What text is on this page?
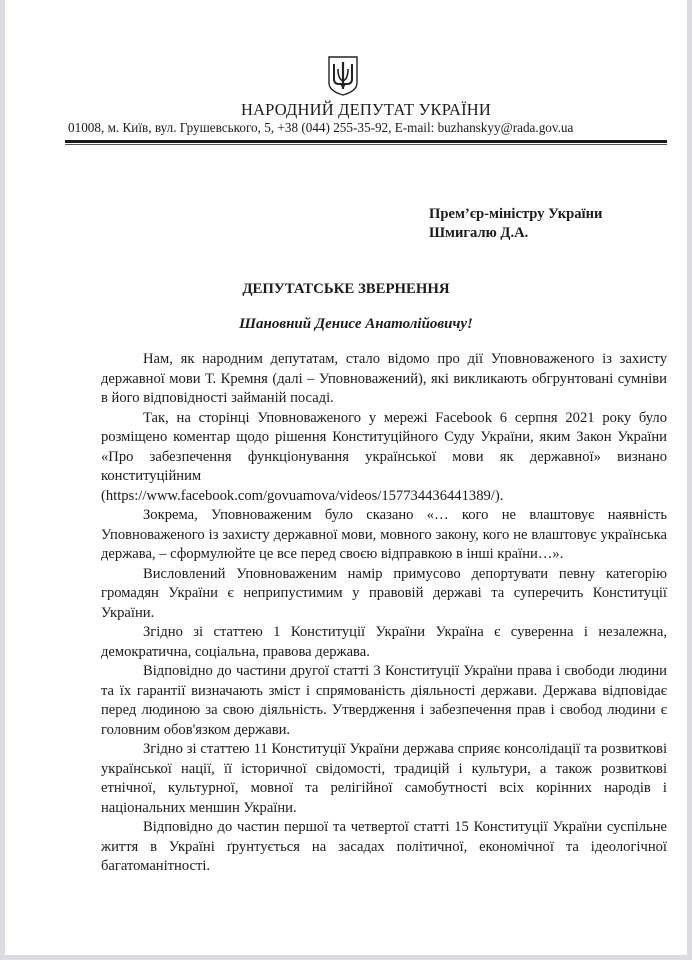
НАРОДНИЙ ДЕПУТАТ УКРАЇНИ
01008, м. Київ, вул. Грушевського, 5, +38 (044) 255-35-92, E-mail: buzhanskyy@rada.gov.ua
Прем’єр-міністру України
Шмигалю Д.А.
ДЕПУТАТСЬКЕ ЗВЕРНЕННЯ
Шановний Денисе Анатолійовичу!

Нам, як народним депутатам, стало відомо про дії Уповноваженого із захисту державної мови Т. Кремня (далі – Уповноважений), які викликають обгрунтовані сумніви в його відповідності займаній посаді.

Так, на сторінці Уповноваженого у мережі Facebook 6 серпня 2021 року було розміщено коментар щодо рішення Конституційного Суду України, яким Закон України «Про забезпечення функціонування української мови як державної» визнано конституційним

(https://www.facebook.com/govuamova/videos/157734436441389/).

Зокрема, Уповноваженим було сказано «… кого не влаштовує наявність Уповноваженого із захисту державної мови, мовного закону, кого не влаштовує українська держава, – сформулюйте це все перед своєю відправкою в інші країни…».

Висловлений Уповноваженим намір примусово депортувати певну категорію громадян України є неприпустимим у правовій державі та суперечить Конституції України.

Згідно зі статтею 1 Конституції України Україна є суверенна і незалежна, демократична, соціальна, правова держава.

Відповідно до частини другої статті 3 Конституції України права і свободи людини та їх гарантії визначають зміст і спрямованість діяльності держави. Держава відповідає перед людиною за свою діяльність. Утвердження і забезпечення прав і свобод людини є головним обов'язком держави.

Згідно зі статтею 11 Конституції України держава сприяє консолідації та розвиткові української нації, її історичної свідомості, традицій і культури, а також розвиткові етнічної, культурної, мовної та релігійної самобутності всіх корінних народів і національних меншин України.

Відповідно до частин першої та четвертої статті 15 Конституції України суспільне життя в Україні ґрунтується на засадах політичної, економічної та ідеологічної багатоманітності.
